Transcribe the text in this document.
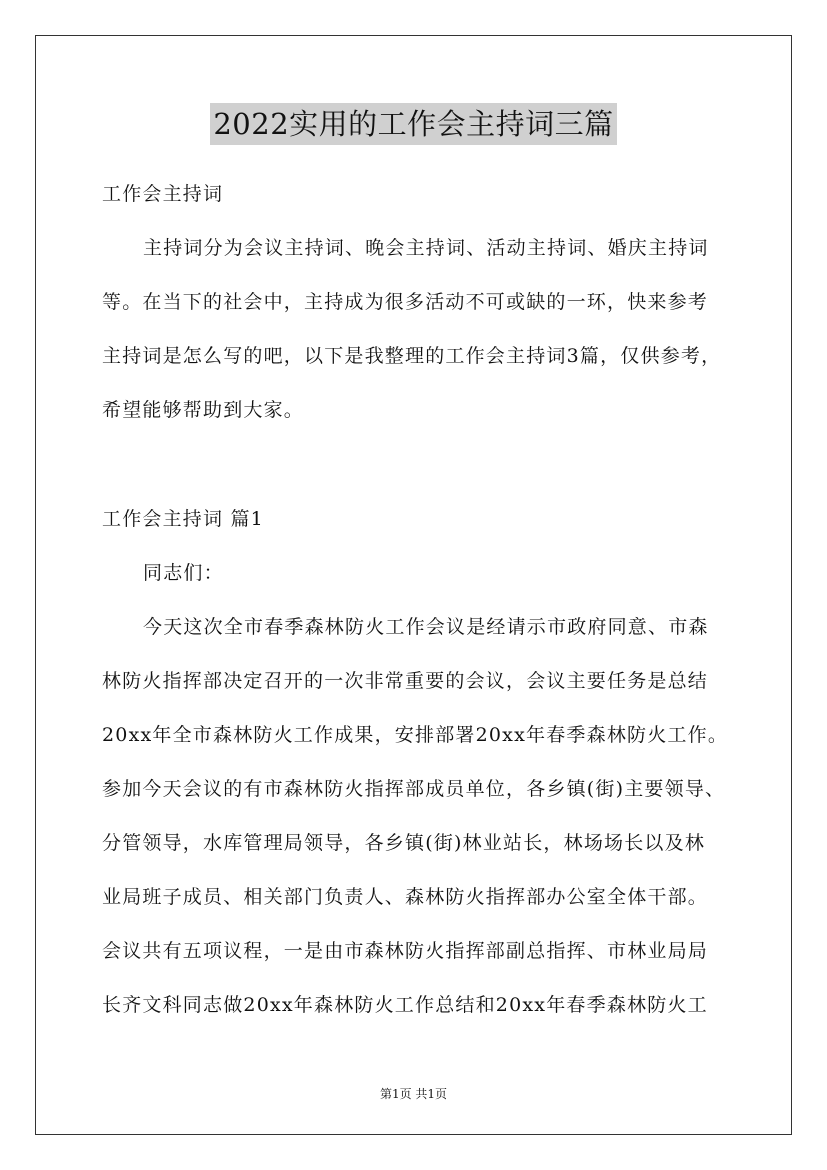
2022实用的工作会主持词三篇
工作会主持词
主持词分为会议主持词、晚会主持词、活动主持词、婚庆主持词
等。在当下的社会中，主持成为很多活动不可或缺的一环，快来参考
主持词是怎么写的吧，以下是我整理的工作会主持词3篇，仅供参考，
希望能够帮助到大家。
工作会主持词 篇1
同志们：
今天这次全市春季森林防火工作会议是经请示市政府同意、市森
林防火指挥部决定召开的一次非常重要的会议，会议主要任务是总结
20xx年全市森林防火工作成果，安排部署20xx年春季森林防火工作。
参加今天会议的有市森林防火指挥部成员单位，各乡镇(街)主要领导、
分管领导，水库管理局领导，各乡镇(街)林业站长，林场场长以及林
业局班子成员、相关部门负责人、森林防火指挥部办公室全体干部。
会议共有五项议程，一是由市森林防火指挥部副总指挥、市林业局局
长齐文科同志做20xx年森林防火工作总结和20xx年春季森林防火工
第1页 共1页
